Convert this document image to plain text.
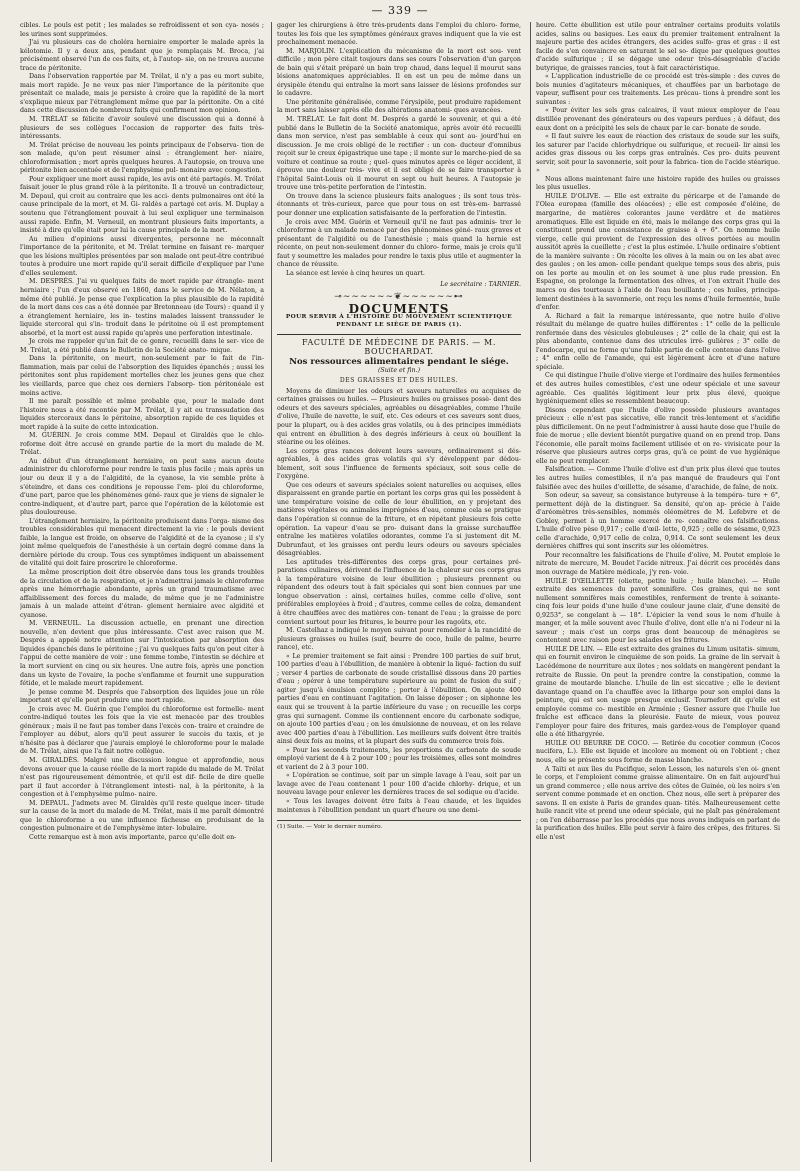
— 339 —

cibles. Le pouls est petit ; les malades se refroidissent et son cya- nosés ; les urines sont supprimées.

J'ai vu plusieurs cas de choléra herniaire emporter le malade après la kélotomie. Il y a deux ans, pendant que je remplaçais M. Broca, j'ai précisément observé l'un de ces faits, et, à l'autop- sie, on ne trouva aucune trace de péritonite.

Dans l'observation rapportée par M. Trélat, il n'y a pas eu mort subite, mais mort rapide. Je ne veux pas nier l'importance de la péritonite que présentait ce malade, mais je persiste à croire que la rapidité de la mort s'explique mieux par l'étranglement même que par la péritonite. On a cité dans cette discussion de nombreux faits qui confirment mon opinion.

M. TRÉLAT se félicite d'avoir soulevé une discussion qui a donné à plusieurs de ses collègues l'occasion de rapporter des faits très- intéressants.

M. Trélat précise de nouveau les points principaux de l'observa- tion de son malade, qu'on peut résumer ainsi : étranglement her- niaire, chloroformisation ; mort après quelques heures. A l'autopsie, on trouva une péritonite bien accentuée et de l'emphysème pul- monaire avec congestion.

Pour expliquer une mort aussi rapide, les avis ont été partagés. M. Trélat faisait jouer le plus grand rôle à la péritonite. Il a trouvé un contradicteur, M. Depaul, qui croit au contraire que les acci- dents pulmonaires ont été la cause principale de la mort, et M. Gi- raldès a partagé cet avis. M. Duplay a soutenu que l'étranglement pouvait à lui seul expliquer une terminaison aussi rapide. Enfin, M. Verneuil, en montrant plusieurs faits importants, a insisté à dire qu'elle était pour lui la cause principale de la mort.

Au milieu d'opinions aussi divergentes, personne ne méconnaît l'importance de la péritonite, et M. Trélat termine en faisant re- marquer que les lésions multiples présentées par son malade ont peut-être contribué toutes à produire une mort rapide qu'il serait difficile d'expliquer par l'une d'elles seulement.

M. DESPRÉS. J'ai vu quelques faits de mort rapide par étrangle- ment herniaire ; l'un d'eux observé en 1860, dans le service de M. Nélaton, a même été publié. Je pense que l'explication la plus plausible de la rapidité de la mort dans ces cas a été donnée par Bretonneau (de Tours) : quand il y a étranglement herniaire, les in- testins malades laissent transsuder le liquide stercoral qui s'in- troduit dans le péritoine où il est promptement absorbé, et la mort est aussi rapide qu'après une perforation intestinale.

Je crois me rappeler qu'un fait de ce genre, recueilli dans le ser- vice de M. Trélat, a été publié dans le Bulletin de la Société anato- mique.

Dans la péritonite, on meurt, non-seulement par le fait de l'in- flammation, mais par celui de l'absorption des liquides épanchés ; aussi les péritonites sont plus rapidement mortelles chez les jeunes gens que chez les vieillards, parce que chez ces derniers l'absorp- tion péritonéale est moins active.

Il me paraît possible et même probable que, pour le malade dont l'histoire nous a été racontée par M. Trélat, il y ait eu transsudation des liquides stercoraux dans le péritoine, absorption rapide de ces liquides et mort rapide à la suite de cette intoxication.

M. GUÉRIN. Je crois comme MM. Depaul et Giraldès que le chlo- roforme doit être accusé en grande partie de la mort du malade de M. Trélat.

Au début d'un étranglement herniaire, on peut sans aucun doute administrer du chloroforme pour rendre le taxis plus facile ; mais après un jour ou deux il y a de l'algidité, de la cyanose, la vie semble prête à s'éteindre, et dans ces conditions je repousse l'em- ploi du chloroforme, d'une part, parce que les phénomènes géné- raux que je viens de signaler le contre-indiquent, et d'autre part, parce que l'opération de la kélotomie est plus douloureuse.

L'étranglement herniaire, la péritonite produisent dans l'orga- nisme des troubles considérables qui menacent directement la vie : le pouls devient faible, la langue est froide, on observe de l'algidité et de la cyanose ; il s'y joint même quelquefois de l'anesthésie à un certain degré comme dans la dernière période du croup. Tous ces symptômes indiquent un abaissement de vitalité qui doit faire proscrire le chloroforme.

La même proscription doit être observée dans tous les grands troubles de la circulation et de la respiration, et je n'admettrai jamais le chloroforme après une hémorrhagie abondante, après un grand traumatisme avec affaiblissement des forces du malade, de même que je ne l'administre jamais à un malade atteint d'étran- glement herniaire avec algidité et cyanose.

M. VERNEUIL. La discussion actuelle, en prenant une direction nouvelle, n'en devient que plus intéressante. C'est avec raison que M. Després a appelé notre attention sur l'intoxication par absorption des liquides épanchés dans le péritoine ; j'ai vu quelques faits qu'on peut citer à l'appui de cette manière de voir : une femme tombe, l'intestin se déchire et la mort survient en cinq ou six heures. Une autre fois, après une ponction dans un kyste de l'ovaire, la poche s'enflamme et fournit une suppuration fétide, et le malade meurt rapidement.

Je pense comme M. Després que l'absorption des liquides joue un rôle important et qu'elle peut produire une mort rapide.

Je crois avec M. Guérin que l'emploi du chloroforme est formelle- ment contre-indiqué toutes les fois que la vie est menacée par des troubles généraux ; mais il ne faut pas tomber dans l'excès con- traire et craindre de l'employer au début, alors qu'il peut assurer le succès du taxis, et je n'hésite pas à déclarer que j'aurais employé le chloroforme pour le malade de M. Trélat, ainsi que l'a fait notre collègue.

M. GIRALDÈS. Malgré une discussion longue et approfondie, nous devons avouer que la cause réelle de la mort rapide du malade de M. Trélat n'est pas rigoureusement démontrée, et qu'il est dif- ficile de dire quelle part il faut accorder à l'étranglement intesti- nal, à la péritonite, à la congestion et à l'emphysème pulmo- naire.

M. DEPAUL. J'admets avec M. Giraldès qu'il reste quelque incer- titude sur la cause de la mort du malade de M. Trélat, mais il me paraît démontré que le chloroforme a eu une influence fâcheuse en produisant de la congestion pulmonaire et de l'emphysème inter- lobulaire.

Cette remarque est à mon avis importante, parce qu'elle doit en-

gager les chirurgiens à être très-prudents dans l'emploi du chloro- forme, toutes les fois que les symptômes généraux graves indiquent que la vie est prochainement menacée.

M. MARJOLIN. L'explication du mécanisme de la mort est sou- vent difficile ; mon père citait toujours dans ses cours l'observation d'un garçon de bain qui s'était préparé un bain trop chaud, dans lequel il mourut sans lésions anatomiques appréciables. Il en est un peu de même dans un érysipèle étendu qui entraîne la mort sans laisser de lésions profondes sur le cadavre.

Une péritonite généralisée, comme l'érysipèle, peut produire rapidement la mort sans laisser après elle des altérations anatomi- ques avancées.

M. TRÉLAT. Le fait dont M. Després a gardé le souvenir, et qui a été publié dans le Bulletin de la Société anatomique, après avoir été recueilli dans mon service, n'est pas semblable à ceux qui sont au- jourd'hui en discussion. Je me crois obligé de le rectifier : un con- ducteur d'omnibus reçoit sur le creux épigastrique une tape ; il monte sur le marche-pied de sa voiture et continue sa route ; quel- ques minutes après ce léger accident, il éprouve une douleur très- vive et il est obligé de se faire transporter à l'hôpital Saint-Louis où il mourut en sept ou huit heures. A l'autopsie je trouve une très-petite perforation de l'intestin.

On trouve dans la science plusieurs faits analogues ; ils sont tous très-étonnants et très-curieux, parce que pour tous on est très-em- barrassé pour donner une explication satisfaisante de la perforation de l'intestin.

Je crois avec MM. Guérin et Verneuil qu'il ne faut pas adminis- trer le chloroforme à un malade menacé par des phénomènes géné- raux graves et présentant de l'algidité ou de l'anesthésie ; mais quand la hernie est récente, on peut non-seulement donner du chloro- forme, mais je crois qu'il faut y soumettre les malades pour rendre le taxis plus utile et augmenter la chance de réussite.

La séance est levée à cinq heures un quart.

Le secrétaire : TARNIER.

⊸∼∼∼∼∼∼❦∼∼∼∼∼∼⊷
DOCUMENTS
POUR SERVIR À L'HISTOIRE DU MOUVEMENT SCIENTIFIQUE
PENDANT LE SIÈGE DE PARIS (1).
FACULTÉ DE MÉDECINE DE PARIS. — M. BOUCHARDAT.
Nos ressources alimentaires pendant le siége.
(Suite et fin.)
DES GRAISSES ET DES HUILES.

Moyens de diminuer les odeurs et saveurs naturelles ou acquises de certaines graisses ou huiles. — Plusieurs huiles ou graisses possè- dent des odeurs et des saveurs spéciales, agréables ou désagréables, comme l'huile d'olive, l'huile de navette, le suif, etc. Ces odeurs et ces saveurs sont dues, pour la plupart, ou à des acides gras volatils, ou à des principes immédiats qui entrent en ébullition à des degrés inférieurs à ceux où bouillent la stéarine ou les oléines.

Les corps gras rances doivent leurs saveurs, ordinairement si dés- agréables, à des acides gras volatils qui s'y développent par dédou- blement, soit sous l'influence de ferments spéciaux, soit sous celle de l'oxygène.

Que ces odeurs et saveurs spéciales soient naturelles ou acquises, elles disparaissent en grande partie en portant les corps gras qui les possèdent à une température voisine de celle de leur ébullition, en y projetant des matières végétales ou animales imprégnées d'eau, comme cela se pratique dans l'opération si connue de la friture, et en répétant plusieurs fois cette opération. La vapeur d'eau se pro- duisant dans la graisse surchauffée entraîne les matières volatiles odorantes, comme l'a si justement dit M. Dubrunfaut, et les graisses ont perdu leurs odeurs ou saveurs spéciales désagréables.

Les aptitudes très-différentes des corps gras, pour certaines pré- parations culinaires, dérivent de l'influence de la chaleur sur ces corps gras à la température voisine de leur ébullition ; plusieurs prennent ou répandent des odeurs tout à fait spéciales qui sont bien connues par une longue observation : ainsi, certaines huiles, comme celle d'olive, sont préférables employées à froid ; d'autres, comme celles de colza, demandent à être chauffées avec des matières con- tenant de l'eau ; la graisse de porc convient surtout pour les fritures, le beurre pour les ragoûts, etc.

M. Castelhaz a indiqué le moyen suivant pour remédier à la rancidité de plusieurs graisses ou huiles (suif, beurre de coco, huile de palme, beurre rance), etc.

« Le premier traitement se fait ainsi : Prendre 100 parties de suif brut, 100 parties d'eau à l'ébullition, de manière à obtenir la liqué- faction du suif ; verser 4 parties de carbonate de soude cristallisé dissous dans 20 parties d'eau ; opérer à une température supérieure au point de fusion du suif ; agiter jusqu'à émulsion complète ; porter à l'ébullition. On ajoute 400 parties d'eau en continuant l'agitation. On laisse déposer ; on siphonne les eaux qui se trouvent à la partie inférieure du vase ; on recueille les corps gras qui surnagent. Comme ils contiennent encore du carbonate sodique, on ajoute 100 parties d'eau ; on les émulsionne de nouveau, et on les relave avec 400 parties d'eau à l'ébullition. Les meilleurs suifs doivent être traités ainsi deux fois au moins, et la plupart des suifs du commerce trois fois.

« Pour les seconds traitements, les proportions du carbonate de soude employé varient de 4 à 2 pour 100 ; pour les troisièmes, elles sont moindres et varient de 2 à 3 pour 100.

« L'opération se continue, soit par un simple lavage à l'eau, soit par un lavage avec de l'eau contenant 1 pour 100 d'acide chlorhy- drique, et un nouveau lavage pour enlever les dernières traces de sel sodique ou d'acide.

« Tous les lavages doivent être faits à l'eau chaude, et les liquides maintenus à l'ébullition pendant un quart d'heure ou une demi-

(1) Suite. — Voir le dernier numéro.

heure. Cette ébullition est utile pour entraîner certains produits volatils acides, salins ou basiques. Les eaux du premier traitement entraînent la majeure partie des acides étrangers, des acides sulfo- gras et gras : il est facile de s'en convaincre en saturant le sel so- dique par quelques gouttes d'acide sulfurique ; il se dégage une odeur très-désagréable d'acide butyrique, de graisses rancies, tout à fait caractéristique.

« L'application industrielle de ce procédé est très-simple : des cuves de bois munies d'agitateurs mécaniques, et chauffées par un barbotage de vapeur, suffisent pour ces traitements. Les précau- tions à prendre sont les suivantes :

« Pour éviter les sels gras calcaires, il vaut mieux employer de l'eau distillée provenant des générateurs ou des vapeurs perdues ; à défaut, des eaux dont on a précipité les sels de chaux par le car- bonate de soude.

« Il faut suivre les eaux de réaction des cristaux de soude sur les suifs, les saturer par l'acide chlorhydrique ou sulfurique, et recueil- lir ainsi les acides gras dissous ou les corps gras entraînés. Ces pro- duits peuvent servir, soit pour la savonnerie, soit pour la fabrica- tion de l'acide stéarique. »

Nous allons maintenant faire une histoire rapide des huiles ou graisses les plus usuelles.

HUILE D'OLIVE. — Elle est extraite du péricarpe et de l'amande de l'Olea europæa (famille des oléacées) ; elle est composée d'oléine, de margarine, de matières colorantes jaune verdâtre et de matières aromatiques. Elle est liquide en été, mais le mélange des corps gras qui la constituent prend une consistance de graisse à + 6°. On nomme huile vierge, celle qui provient de l'expression des olives portées au moulin aussitôt après la cueillette ; c'est la plus estimée. L'huile ordinaire s'obtient de la manière suivante : On récolte les olives à la main ou on les abat avec des gaules ; on les amon- celle pendant quelque temps sous des abris, puis on les porte au moulin et on les soumet à une plus rude pression. En Espagne, on prolonge la fermentation des olives, et l'on extrait l'huile des marcs ou des tourteaux à l'aide de l'eau bouillante ; ces huiles, principa- lement destinées à la savonnerie, ont reçu les noms d'huile fermentée, huile d'enfer.

A. Richard a fait la remarque intéressante, que notre huile d'olive résultait du mélange de quatre huiles différentes : 1° celle de la pellicule renfermée dans des vésicules globuleuses ; 2° celle de la chair, qui est la plus abondante, contenue dans des utricules irré- gulières ; 3° celle de l'endocarpe, qui ne forme qu'une faible partie de celle contenue dans l'olive ; 4° enfin celle de l'amande, qui est légèrement âcre et d'une nature spéciale.

Ce qui distingue l'huile d'olive vierge et l'ordinaire des huiles fermentées et des autres huiles comestibles, c'est une odeur spéciale et une saveur agréable. Ces qualités légitiment leur prix plus élevé, quoique hygiéniquement elles se ressemblent beaucoup.

Disons cependant que l'huile d'olive possède plusieurs avantages précieux : elle n'est pas siccative, elle rancit très-lentement et s'acidifie plus difficilement. On ne peut l'administrer à aussi haute dose que l'huile de foie de morue ; elle devient bientôt purgative quand on en prend trop. Dans l'économie, elle paraît moins facilement utilisée et on re- vivisicate pour la réserve que plusieurs autres corps gras, qu'à ce point de vue hygiénique elle ne peut remplacer.

Falsification. — Comme l'huile d'olive est d'un prix plus élevé que toutes les autres huiles comestibles, il n'a pas manqué de fraudeurs qui l'ont falsifiée avec des huiles d'œillette, de sésame, d'arachide, de faîne, de noix.

Son odeur, sa saveur, sa consistance butyreuse à la tempéra- ture + 6°, permettent déjà de la distinguer. Sa densité, qu'on ap- précie à l'aide d'aréomètres très-sensibles, nommés oléomètres de M. Lefebvre et de Gobley, permet à un homme exercé de re- connaître ces falsifications. L'huile d'olive pèse 0,917 ; celle d'œil- lette, 0,925 ; celle de sésame, 0,923 celle d'arachide, 0,917 celle de colza, 0,914. Ce sont seulement les deux dernières chiffres qui sont inscrits sur les oléomètres.

Pour reconnaître les falsifications de l'huile d'olive, M. Poutet emploie le nitrate de mercure, M. Boudet l'acide nitreux. J'ai décrit ces procédés dans mon ouvrage de Matière médicale, j'y ren- voie.

HUILE D'ŒILLETTE (oliette, petite huile ; huile blanche). — Huile extraite des semences du pavot somnifère. Ces graines, qui ne sont nullement somnifères mais comestibles, renferment de trente à soixante-cinq fois leur poids d'une huile d'une couleur jaune clair, d'une densité de 0,9253°, se congelant à — 18°. L'épicier la vend sous le nom d'huile à manger, et la mêle souvent avec l'huile d'olive, dont elle n'a ni l'odeur ni la saveur ; mais c'est un corps gras dont beaucoup de ménagères se contentent avec raison pour les salades et les fritures.

HUILE DE LIN. — Elle est extraite des graines du Linum usitatis- simum, qui en fournit environ le cinquième de son poids. La graine de lin servait à Lacédémone de nourriture aux ilotes ; nos soldats en mangèrent pendant la retraite de Russie. On peut la prendre contre la constipation, comme la graine de moutarde blanche. L'huile de lin est siccative ; elle le devient davantage quand on l'a chauffée avec la litharge pour son emploi dans la peinture, qui est son usage presque exclusif. Tournefort dit qu'elle est employée comme co- mestible en Arménie ; Gesner assure que l'huile lue fraîche est efficace dans la pleurésie. Faute de mieux, vous pouvez l'employer pour faire des fritures, mais gardez-vous de l'employer quand elle a été lithargyrée.

HUILE OU BEURRE DE COCO. — Retirée du cocotier commun (Cocos nucifera, L.). Elle est liquide et incolore au moment où on l'obtient ; chez nous, elle se présente sous forme de masse blanche.

A Taïti et aux îles du Pacifique, selon Lesson, les naturels s'en oi- gnent le corps, et l'emploient comme graisse alimentaire. On en fait aujourd'hui un grand commerce ; elle nous arrive des côtes de Guinée, où les noirs s'en servent comme pommade et en onction. Chez nous, elle sert à préparer des savons. Il en existe à Paris de grandes quan- tités. Malheureusement cette huile rancit vite et prend une odeur spéciale, qui ne plaît pas généralement ; on l'en débarrasse par les procédés que nous avons indiqués en parlant de la purification des huiles. Elle peut servir à faire des crêpes, des fritures. Si elle n'est
